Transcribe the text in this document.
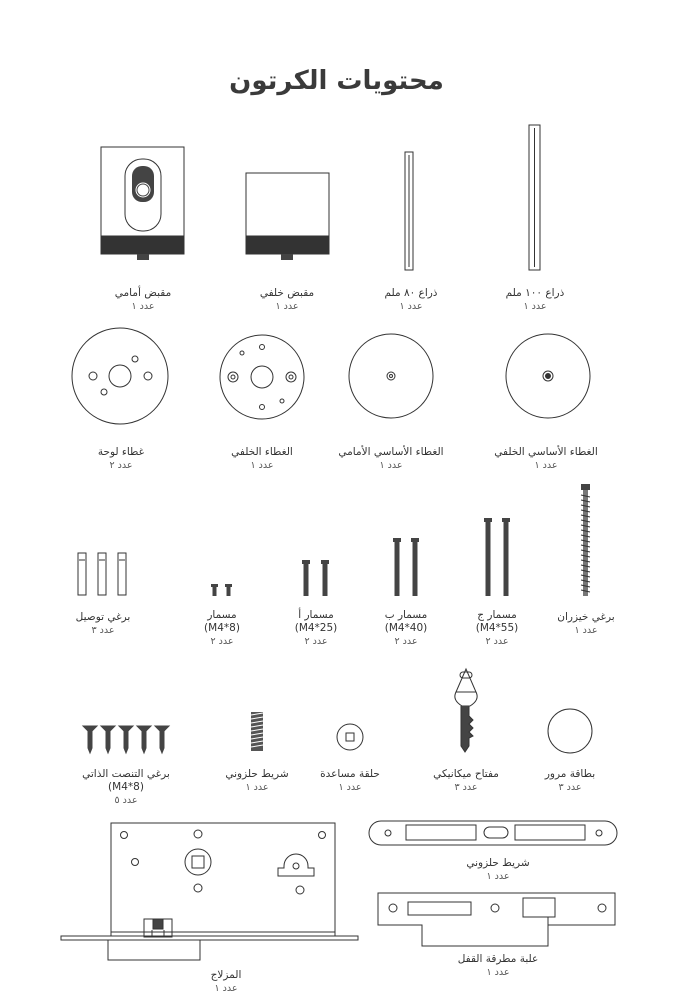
محتويات الكرتون
مقبض أمامي
عدد ١
مقبض خلفي
عدد ١
ذراع ٨٠ ملم
عدد ١
ذراع ١٠٠ ملم
عدد ١
غطاء لوحة
عدد ٢
الغطاء الخلفي
عدد ١
الغطاء الأساسي الأمامي
عدد ١
الغطاء الأساسي الخلفي
عدد ١
برغي توصيل
عدد ٣
مسمار
(M4*8)
عدد ٢
مسمار أ
(M4*25)
عدد ٢
مسمار ب
(M4*40)
عدد ٢
مسمار ج
(M4*55)
عدد ٢
برغي خيزران
عدد ١
برغي التنصت الذاتي
(M4*8)
عدد ٥
شريط حلزوني
عدد ١
حلقة مساعدة
عدد ١
مفتاح ميكانيكي
عدد ٣
بطاقة مرور
عدد ٣
شريط حلزوني
عدد ١
علبة مطرقة القفل
عدد ١
المزلاج
عدد ١
